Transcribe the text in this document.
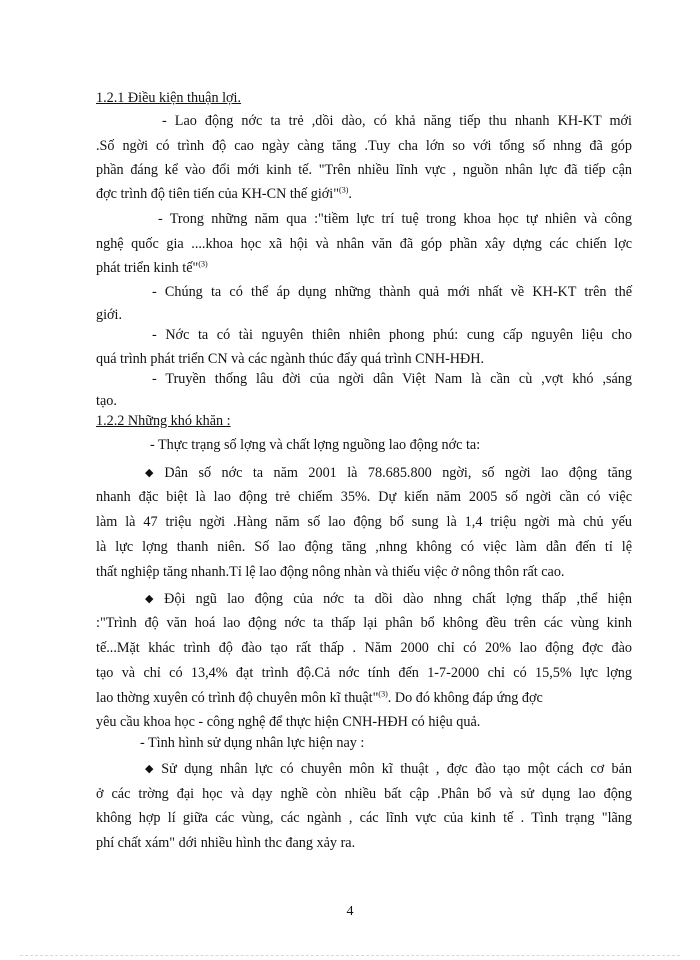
1.2.1 Điều kiện thuận lợi.
- Lao động nớc ta trẻ ,dồi dào, có khả năng tiếp thu nhanh KH-KT mới
.Số ngời có trình độ cao ngày càng tăng .Tuy cha lớn so với tổng số nhng đã góp
phần đáng kể vào đổi mới kinh tế. "Trên nhiều lĩnh vực , nguồn nhân lực đã tiếp cận
đợc trình độ tiên tiến của KH-CN thế giới"$^{(3)}$.
- Trong những năm qua :"tiềm lực trí tuệ trong khoa học tự nhiên và công
nghệ quốc gia ....khoa học xã hội và nhân văn đã góp phần xây dựng các chiến lợc
phát triển kinh tế"$^{(3)}$
- Chúng ta có thể áp dụng những thành quả mới nhất về KH-KT trên thế
giới.
- Nớc ta có tài nguyên thiên nhiên phong phú: cung cấp nguyên liệu cho
quá trình phát triển CN và các ngành thúc đẩy quá trình CNH-HĐH.
- Truyền thống lâu đời của ngời dân Việt Nam là cần cù ,vợt khó ,sáng
tạo.
1.2.2 Những khó khăn :
- Thực trạng số lợng và chất lợng nguồng lao động nớc ta:
◆ Dân số nớc ta năm 2001 là 78.685.800 ngời, số ngời lao động tăng
nhanh đặc biệt là lao động trẻ chiếm 35%. Dự kiến năm 2005 số ngời cần có việc
làm là 47 triệu ngời .Hàng năm số lao động bổ sung là 1,4 triệu ngời mà chủ yếu
là lực lợng thanh niên. Số lao động tăng ,nhng không có việc làm dẫn đến tỉ lệ
thất nghiệp tăng nhanh.Tỉ lệ lao động nông nhàn và thiếu việc ở nông thôn rất cao.
◆ Đội ngũ lao động của nớc ta dồi dào nhng chất lợng thấp ,thể hiện
:"Trình độ văn hoá lao động nớc ta thấp lại phân bổ không đều trên các vùng kinh
tế...Mặt khác trình độ đào tạo rất thấp . Năm 2000 chỉ có 20% lao động đợc đào
tạo và chỉ có 13,4% đạt trình độ.Cả nớc tính đến 1-7-2000 chỉ có 15,5% lực lợng
lao thờng xuyên có trình độ chuyên môn kĩ thuật"$^{(3)}$. Do đó không đáp ứng đợc
yêu cầu khoa học - công nghệ để thực hiện CNH-HĐH có hiệu quả.
- Tình hình sử dụng nhân lực hiện nay :
◆ Sử dụng nhân lực có chuyên môn kĩ thuật , đợc đào tạo một cách cơ bản
ở các trờng đại học và dạy nghề còn nhiều bất cập .Phân bổ và sử dụng lao động
không hợp lí giữa các vùng, các ngành , các lĩnh vực của kinh tế . Tình trạng "lãng
phí chất xám" dới nhiều hình thc đang xảy ra.
4
